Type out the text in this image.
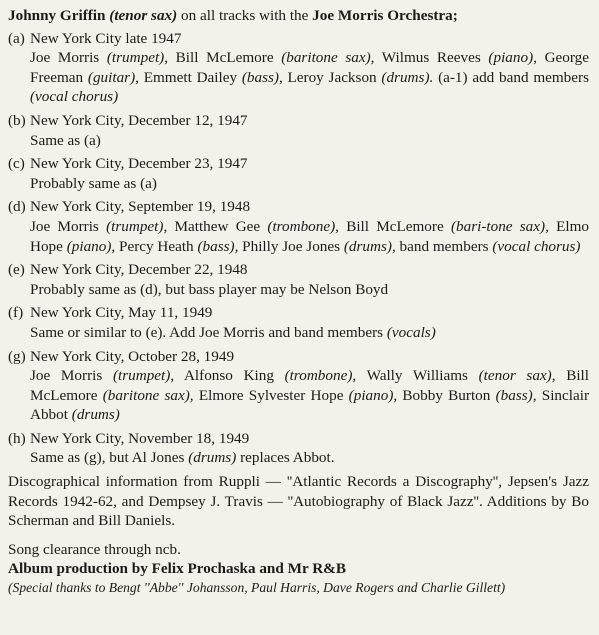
Johnny Griffin (tenor sax) on all tracks with the Joe Morris Orchestra;
(a) New York City late 1947
Joe Morris (trumpet), Bill McLemore (baritone sax), Wilmus Reeves (piano), George Freeman (guitar), Emmett Dailey (bass), Leroy Jackson (drums). (a-1) add band members (vocal chorus)
(b) New York City, December 12, 1947
Same as (a)
(c) New York City, December 23, 1947
Probably same as (a)
(d) New York City, September 19, 1948
Joe Morris (trumpet), Matthew Gee (trombone), Bill McLemore (bari-tone sax), Elmo Hope (piano), Percy Heath (bass), Philly Joe Jones (drums), band members (vocal chorus)
(e) New York City, December 22, 1948
Probably same as (d), but bass player may be Nelson Boyd
(f) New York City, May 11, 1949
Same or similar to (e). Add Joe Morris and band members (vocals)
(g) New York City, October 28, 1949
Joe Morris (trumpet), Alfonso King (trombone), Wally Williams (tenor sax), Bill McLemore (baritone sax), Elmore Sylvester Hope (piano), Bobby Burton (bass), Sinclair Abbot (drums)
(h) New York City, November 18, 1949
Same as (g), but Al Jones (drums) replaces Abbot.
Discographical information from Ruppli — ''Atlantic Records a Discography'', Jepsen's Jazz Records 1942-62, and Dempsey J. Travis — ''Autobiography of Black Jazz''. Additions by Bo Scherman and Bill Daniels.
Song clearance through ncb.
Album production by Felix Prochaska and Mr R&B
(Special thanks to Bengt ''Abbe'' Johansson, Paul Harris, Dave Rogers and Charlie Gillett)
